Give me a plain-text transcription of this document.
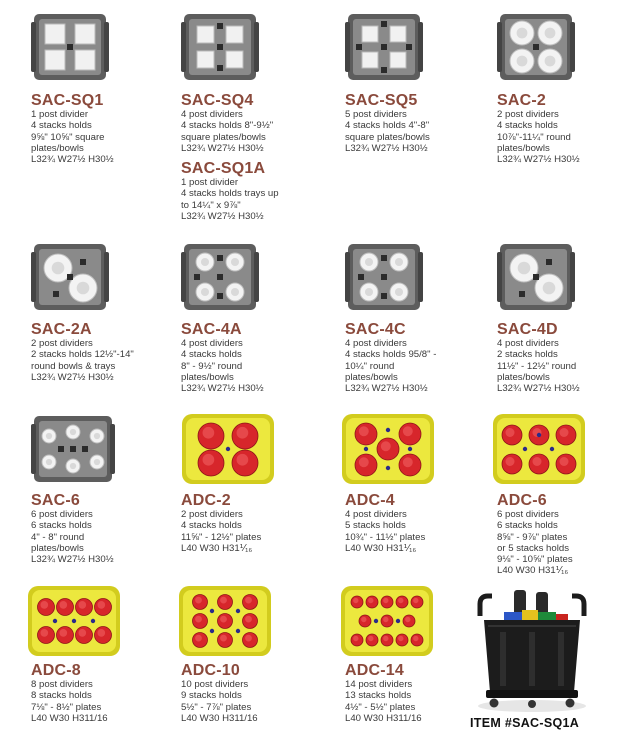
SAC-SQ1
1 post divider
4 stacks holds
9⅝" 10⅝" square
plates/bowls
L32¾ W27½ H30½
SAC-SQ4
4 post dividers
4 stacks holds 8"-9½"
square plates/bowls
L32¾ W27½ H30½
SAC-SQ1A
1 post divider
4 stacks holds trays up
to 14¼" x 9⅞"
L32¾ W27½ H30½
SAC-SQ5
5 post dividers
4 stacks holds 4"-8"
square plates/bowls
L32¾ W27½ H30½
SAC-2
2 post dividers
4 stacks holds
10⅞"-11¼" round
plates/bowls
L32¾ W27½ H30½
SAC-2A
2 post dividers
2 stacks holds 12½"-14"
round bowls & trays
L32¾ W27½ H30½
SAC-4A
4 post dividers
4 stacks holds
8" - 9½" round
plates/bowls
L32¾ W27½ H30½
SAC-4C
4 post dividers
4 stacks holds 95/8" -
10¼" round
plates/bowls
L32¾ W27½ H30½
SAC-4D
4 post dividers
2 stacks holds
11½" - 12½" round
plates/bowls
L32¾ W27½ H30½
SAC-6
6 post dividers
6 stacks holds
4" - 8" round
plates/bowls
L32¾ W27½ H30½
ADC-2
2 post dividers
4 stacks holds
11⅝" - 12½" plates
L40 W30 H31⅟₁₆
ADC-4
4 post dividers
5 stacks holds
10¾" - 11½" plates
L40 W30 H31⅟₁₆
ADC-6
6 post dividers
6 stacks holds
8⅝" - 9⅞" plates
or 5 stacks holds
9⅛" - 10⅝" plates
L40 W30 H31⅟₁₆
ADC-8
8 post dividers
8 stacks holds
7⅛" - 8½" plates
L40 W30 H311/16
ADC-10
10 post dividers
9 stacks holds
5½" - 7⅞" plates
L40 W30 H311/16
ADC-14
14 post dividers
13 stacks holds
4½" - 5½" plates
L40 W30 H311/16	ITEM #SAC-SQ1A
